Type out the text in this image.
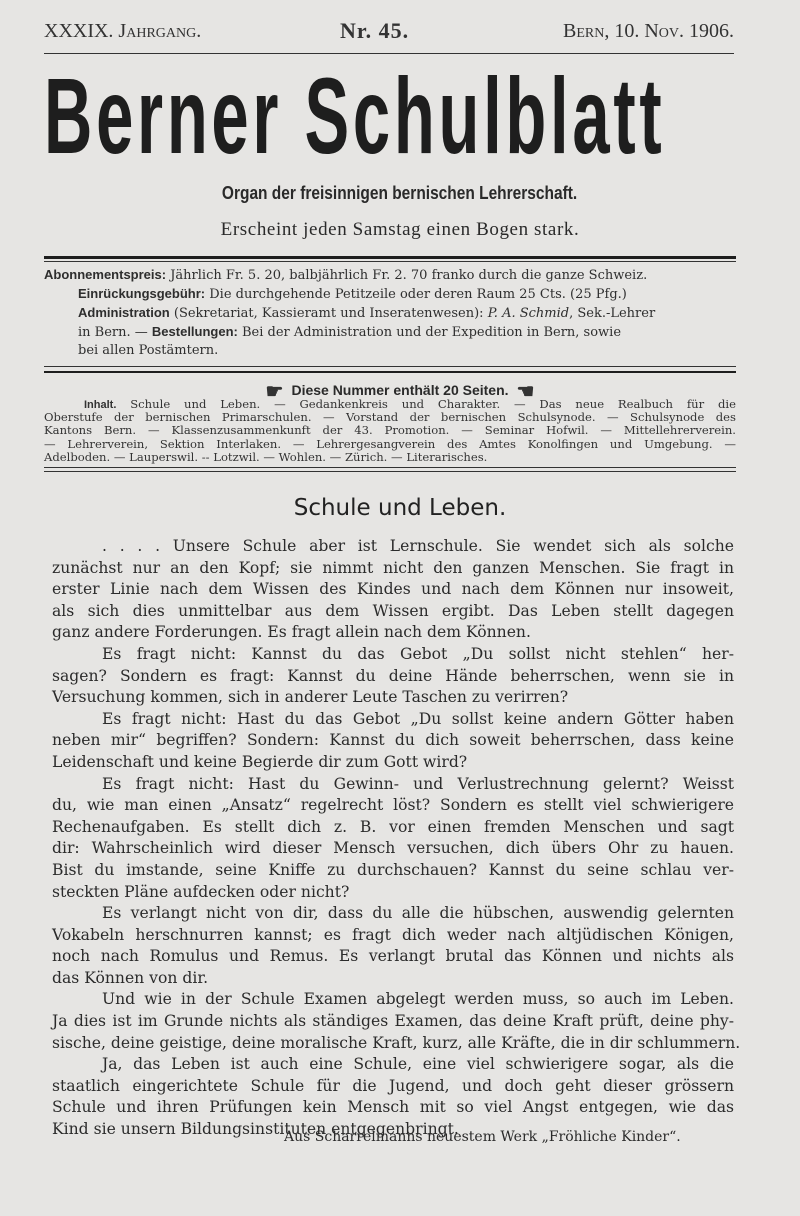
XXXIX. Jahrgang.	Nr. 45.	Bern, 10. Nov. 1906.
Berner Schulblatt
Organ der freisinnigen bernischen Lehrerschaft.
Erscheint jeden Samstag einen Bogen stark.
Abonnementspreis: Jährlich Fr. 5. 20, balbjährlich Fr. 2. 70 franko durch die ganze Schweiz.
Einrückungsgebühr: Die durchgehende Petitzeile oder deren Raum 25 Cts. (25 Pfg.)
Administration (Sekretariat, Kassieramt und Inseratenwesen): P. A. Schmid, Sek.-Lehrer
in Bern. — Bestellungen: Bei der Administration und der Expedition in Bern, sowie
bei allen Postämtern.
☛ Diese Nummer enthält 20 Seiten. ☚
Inhalt. Schule und Leben. — Gedankenkreis und Charakter. — Das neue Realbuch für die
Oberstufe der bernischen Primarschulen. — Vorstand der bernischen Schulsynode. — Schulsynode des
Kantons Bern. — Klassenzusammenkunft der 43. Promotion. — Seminar Hofwil. — Mittellehrerverein.
— Lehrerverein, Sektion Interlaken. — Lehrergesangverein des Amtes Konolfingen und Umgebung. —
Adelboden. — Lauperswil. -- Lotzwil. — Wohlen. — Zürich. — Literarisches.
Schule und Leben.
. . . . Unsere Schule aber ist Lernschule. Sie wendet sich als solche
zunächst nur an den Kopf; sie nimmt nicht den ganzen Menschen. Sie fragt in
erster Linie nach dem Wissen des Kindes und nach dem Können nur insoweit,
als sich dies unmittelbar aus dem Wissen ergibt. Das Leben stellt dagegen
ganz andere Forderungen. Es fragt allein nach dem Können.
Es fragt nicht: Kannst du das Gebot „Du sollst nicht stehlen“ her-
sagen? Sondern es fragt: Kannst du deine Hände beherrschen, wenn sie in
Versuchung kommen, sich in anderer Leute Taschen zu verirren?
Es fragt nicht: Hast du das Gebot „Du sollst keine andern Götter haben
neben mir“ begriffen? Sondern: Kannst du dich soweit beherrschen, dass keine
Leidenschaft und keine Begierde dir zum Gott wird?
Es fragt nicht: Hast du Gewinn- und Verlustrechnung gelernt? Weisst
du, wie man einen „Ansatz“ regelrecht löst? Sondern es stellt viel schwierigere
Rechenaufgaben. Es stellt dich z. B. vor einen fremden Menschen und sagt
dir: Wahrscheinlich wird dieser Mensch versuchen, dich übers Ohr zu hauen.
Bist du imstande, seine Kniffe zu durchschauen? Kannst du seine schlau ver-
steckten Pläne aufdecken oder nicht?
Es verlangt nicht von dir, dass du alle die hübschen, auswendig gelernten
Vokabeln herschnurren kannst; es fragt dich weder nach altjüdischen Königen,
noch nach Romulus und Remus. Es verlangt brutal das Können und nichts als
das Können von dir.
Und wie in der Schule Examen abgelegt werden muss, so auch im Leben.
Ja dies ist im Grunde nichts als ständiges Examen, das deine Kraft prüft, deine phy-
sische, deine geistige, deine moralische Kraft, kurz, alle Kräfte, die in dir schlummern.
Ja, das Leben ist auch eine Schule, eine viel schwierigere sogar, als die
staatlich eingerichtete Schule für die Jugend, und doch geht dieser grössern
Schule und ihren Prüfungen kein Mensch mit so viel Angst entgegen, wie das
Kind sie unsern Bildungsinstituten entgegenbringt.
Aus Scharrelmanns neuestem Werk „Fröhliche Kinder“.
